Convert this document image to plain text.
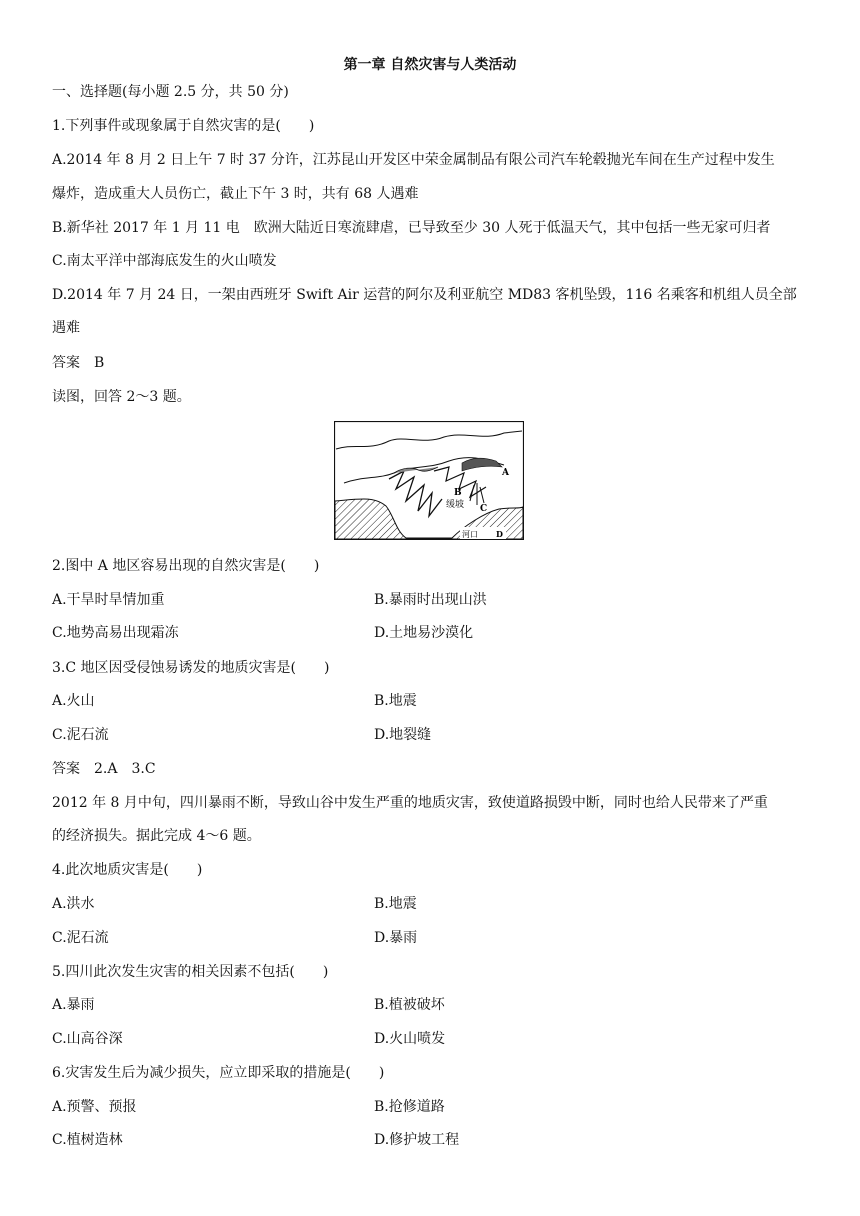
第一章 自然灾害与人类活动
一、选择题(每小题 2.5 分，共 50 分)
1.下列事件或现象属于自然灾害的是(　　)
A.2014 年 8 月 2 日上午 7 时 37 分许，江苏昆山开发区中荣金属制品有限公司汽车轮毂抛光车间在生产过程中发生
爆炸，造成重大人员伤亡，截止下午 3 时，共有 68 人遇难
B.新华社 2017 年 1 月 11 电　欧洲大陆近日寒流肆虐，已导致至少 30 人死于低温天气，其中包括一些无家可归者
C.南太平洋中部海底发生的火山喷发
D.2014 年 7 月 24 日，一架由西班牙 Swift Air 运营的阿尔及利亚航空 MD83 客机坠毁，116 名乘客和机组人员全部
遇难
答案　B
读图，回答 2～3 题。
A
B
C
缓坡
河口 D
2.图中 A 地区容易出现的自然灾害是(　　)
A.干旱时旱情加重	B.暴雨时出现山洪
C.地势高易出现霜冻	D.土地易沙漠化
3.C 地区因受侵蚀易诱发的地质灾害是(　　)
A.火山	B.地震
C.泥石流	D.地裂缝
答案　2.A　3.C
2012 年 8 月中旬，四川暴雨不断，导致山谷中发生严重的地质灾害，致使道路损毁中断，同时也给人民带来了严重
的经济损失。据此完成 4～6 题。
4.此次地质灾害是(　　)
A.洪水	B.地震
C.泥石流	D.暴雨
5.四川此次发生灾害的相关因素不包括(　　)
A.暴雨	B.植被破坏
C.山高谷深	D.火山喷发
6.灾害发生后为减少损失，应立即采取的措施是(　　)
A.预警、预报	B.抢修道路
C.植树造林	D.修护坡工程
